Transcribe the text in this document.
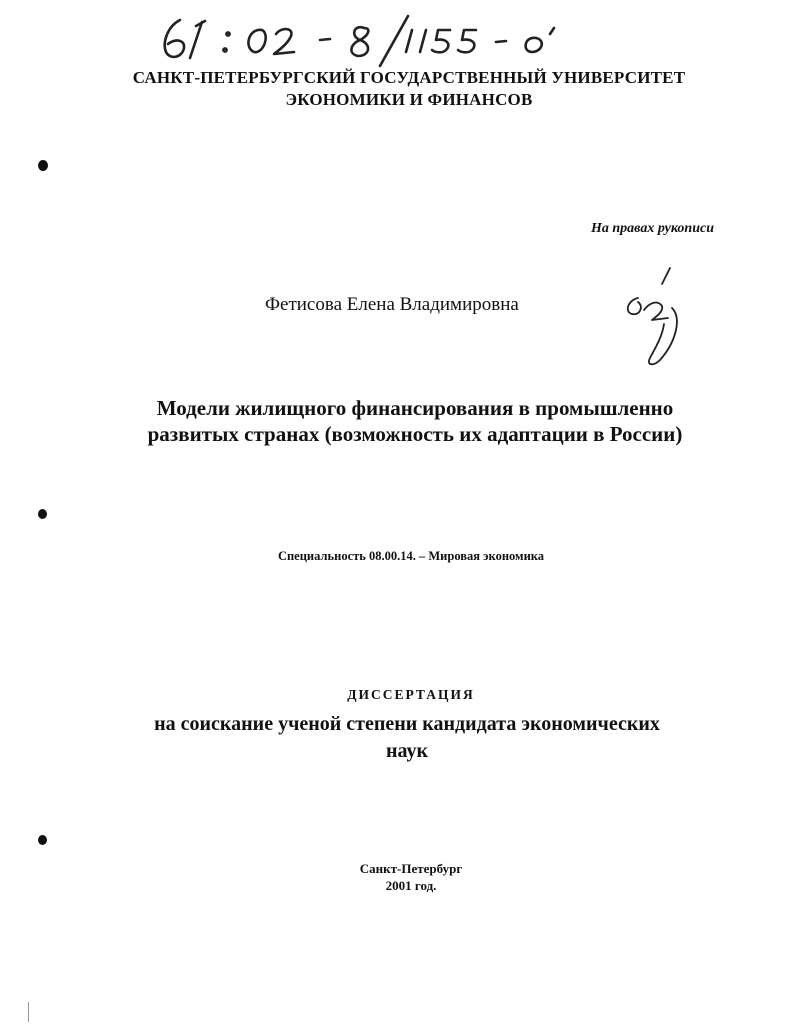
САНКТ-ПЕТЕРБУРГСКИЙ ГОСУДАРСТВЕННЫЙ УНИВЕРСИТЕТ
ЭКОНОМИКИ И ФИНАНСОВ
На правах рукописи
Фетисова Елена Владимировна
Модели жилищного финансирования в промышленно
развитых странах (возможность их адаптации в России)
Специальность 08.00.14. – Мировая экономика
ДИССЕРТАЦИЯ
на соискание ученой степени кандидата экономических
наук
Санкт-Петербург
2001 год.
